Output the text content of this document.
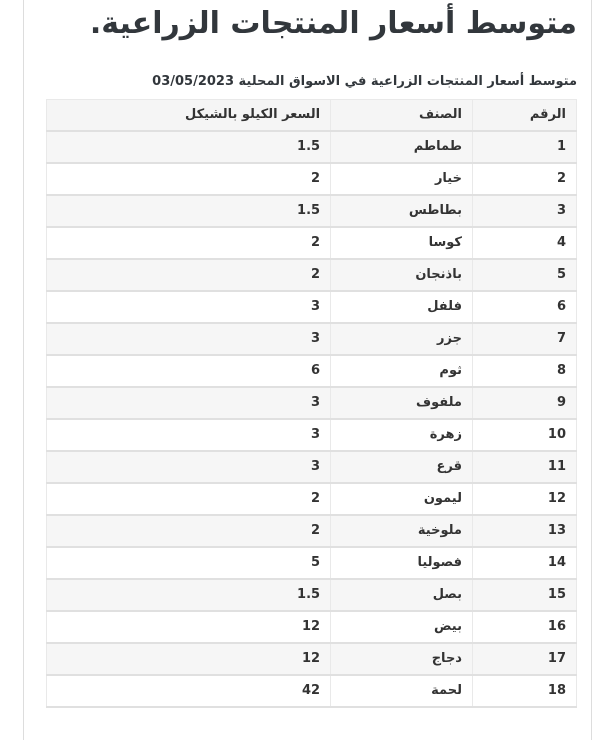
متوسط أسعار المنتجات الزراعية.
متوسط أسعار المنتجات الزراعية في الاسواق المحلية 03/05/2023
الرقم	الصنف	السعر الكيلو بالشيكل
1	طماطم	1.5
2	خيار	2
3	بطاطس	1.5
4	كوسا	2
5	باذنجان	2
6	فلفل	3
7	جزر	3
8	ثوم	6
9	ملفوف	3
10	زهرة	3
11	قرع	3
12	ليمون	2
13	ملوخية	2
14	فصوليا	5
15	بصل	1.5
16	بيض	12
17	دجاج	12
18	لحمة	42
